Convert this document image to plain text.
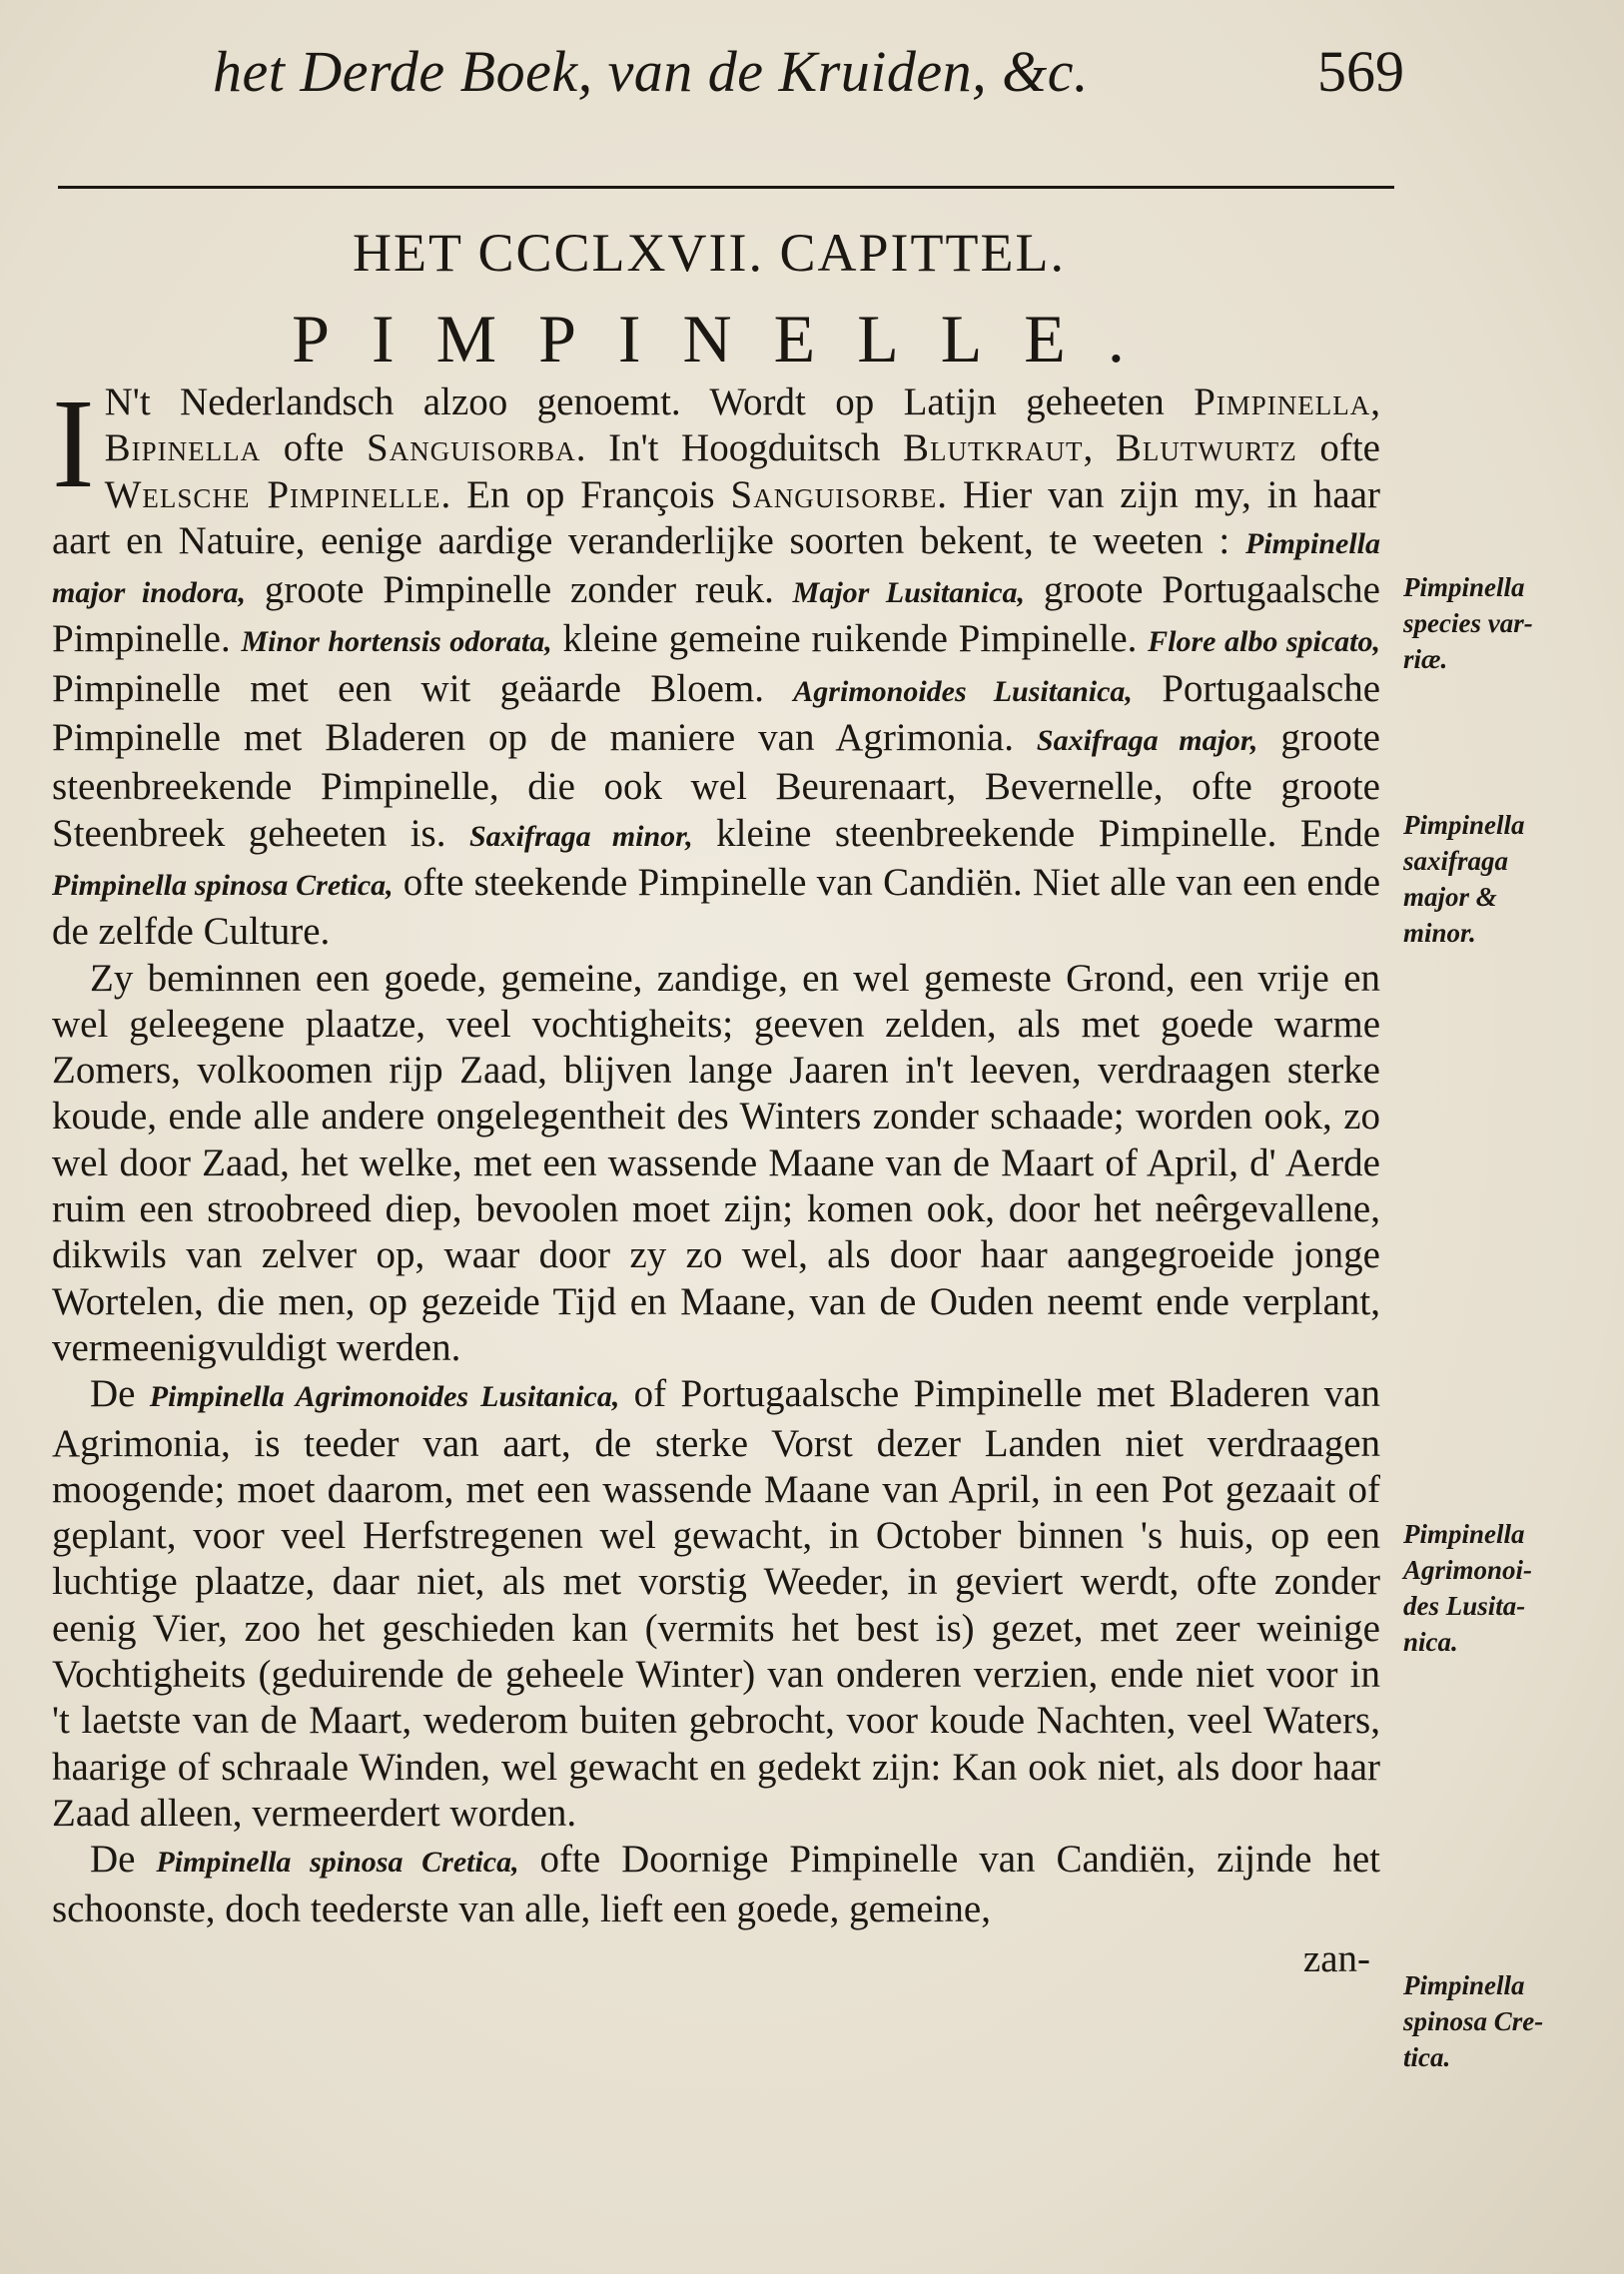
het Derde Boek, van de Kruiden, &c.	569
HET CCCLXVII. CAPITTEL.
PIMPINELLE.

I N't Nederlandsch alzoo genoemt. Wordt op Latijn geheeten Pimpinella, Bipinella ofte Sanguisorba. In't Hoogduitsch Blutkraut, Blutwurtz ofte Welsche Pimpinelle. En op François Sanguisorbe. Hier van zijn my, in haar aart en Natuire, eenige aardige veranderlijke soorten bekent, te weeten : Pimpinella major inodora, groote Pimpinelle zonder reuk. Major Lusitanica, groote Portugaalsche Pimpinelle. Minor hortensis odorata, kleine gemeine ruikende Pimpinelle. Flore albo spicato, Pimpinelle met een wit geäarde Bloem. Agrimonoides Lusitanica, Portugaalsche Pimpinelle met Bladeren op de maniere van Agrimonia. Saxifraga major, groote steenbreekende Pimpinelle, die ook wel Beurenaart, Bevernelle, ofte groote Steenbreek geheeten is. Saxifraga minor, kleine steenbreekende Pimpinelle. Ende Pimpinella spinosa Cretica, ofte steekende Pimpinelle van Candiën. Niet alle van een ende de zelfde Culture.

Zy beminnen een goede, gemeine, zandige, en wel gemeste Grond, een vrije en wel geleegene plaatze, veel vochtigheits; geeven zelden, als met goede warme Zomers, volkoomen rijp Zaad, blijven lange Jaaren in't leeven, verdraagen sterke koude, ende alle andere ongelegentheit des Winters zonder schaade; worden ook, zo wel door Zaad, het welke, met een wassende Maane van de Maart of April, d' Aerde ruim een stroobreed diep, bevoolen moet zijn; komen ook, door het neêrgevallene, dikwils van zelver op, waar door zy zo wel, als door haar aangegroeide jonge Wortelen, die men, op gezeide Tijd en Maane, van de Ouden neemt ende verplant, vermeenigvuldigt werden.

De Pimpinella Agrimonoides Lusitanica, of Portugaalsche Pimpinelle met Bladeren van Agrimonia, is teeder van aart, de sterke Vorst dezer Landen niet verdraagen moogende; moet daarom, met een wassende Maane van April, in een Pot gezaait of geplant, voor veel Herfstregenen wel gewacht, in October binnen 's huis, op een luchtige plaatze, daar niet, als met vorstig Weeder, in geviert werdt, ofte zonder eenig Vier, zoo het geschieden kan (vermits het best is) gezet, met zeer weinige Vochtigheits (geduirende de geheele Winter) van onderen verzien, ende niet voor in 't laetste van de Maart, wederom buiten gebrocht, voor koude Nachten, veel Waters, haarige of schraale Winden, wel gewacht en gedekt zijn: Kan ook niet, als door haar Zaad alleen, vermeerdert worden.

De Pimpinella spinosa Cretica, ofte Doornige Pimpinelle van Candiën, zijnde het schoonste, doch teederste van alle, lieft een goede, gemeine,

zan-
Pimpinella
species var-
riæ.
Pimpinella
saxifraga
major &
minor.
Pimpinella
Agrimonoi-
des Lusita-
nica.
Pimpinella
spinosa Cre-
tica.
